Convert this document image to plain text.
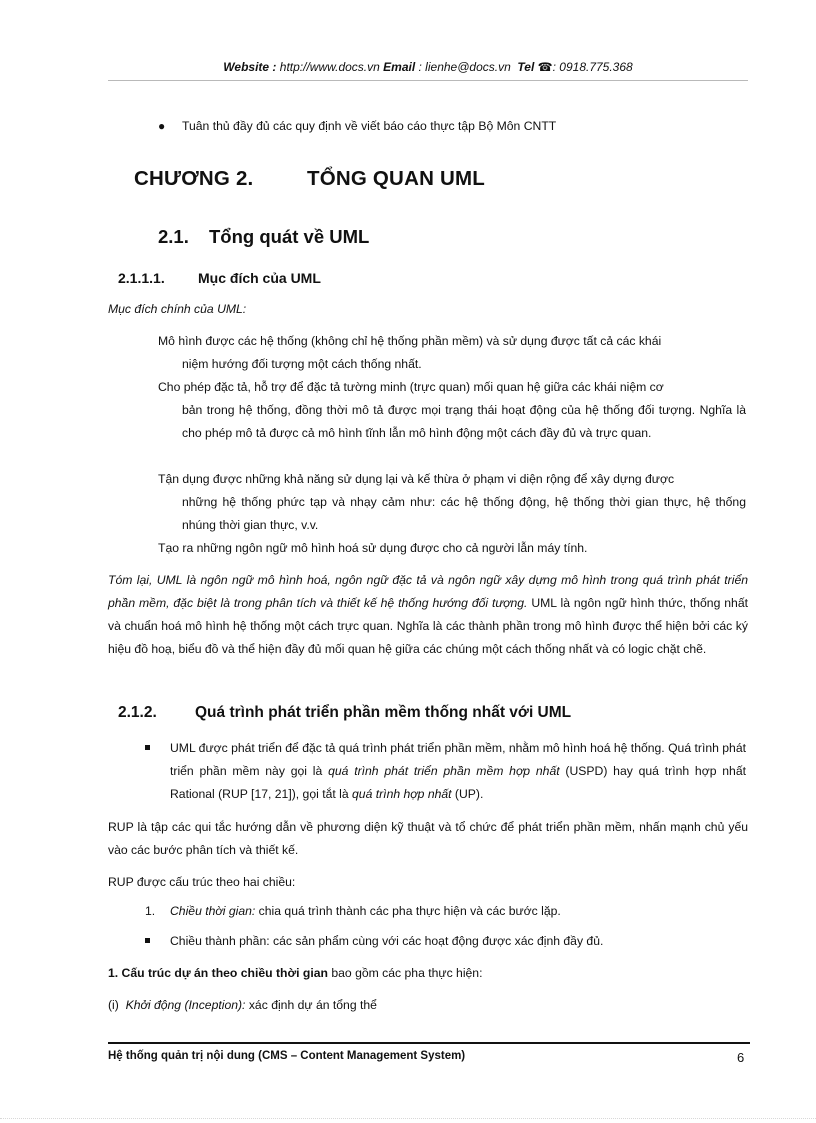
Website : http://www.docs.vn Email : lienhe@docs.vn Tel ☎: 0918.775.368
● Tuân thủ đầy đủ các quy định về viết báo cáo thực tập Bộ Môn CNTT
CHƯƠNG 2.	TỔNG QUAN UML
2.1. Tổng quát về UML
2.1.1.1. Mục đích của UML
Mục đích chính của UML:
Mô hình được các hệ thống (không chỉ hệ thống phần mềm) và sử dụng được tất cả các khái
niệm hướng đối tượng một cách thống nhất.
Cho phép đặc tả, hỗ trợ để đặc tả tường minh (trực quan) mối quan hệ giữa các khái niệm cơ
bản trong hệ thống, đồng thời mô tả được mọi trạng thái hoạt động của hệ thống đối tượng. Nghĩa là cho phép mô tả được cả mô hình tĩnh lẫn mô hình động một cách đầy đủ và trực quan.
Tận dụng được những khả năng sử dụng lại và kế thừa ở phạm vi diện rộng để xây dựng được
những hệ thống phức tạp và nhạy cảm như: các hệ thống động, hệ thống thời gian thực, hệ thống nhúng thời gian thực, v.v.
Tạo ra những ngôn ngữ mô hình hoá sử dụng được cho cả người lẫn máy tính.
Tóm lại, UML là ngôn ngữ mô hình hoá, ngôn ngữ đặc tả và ngôn ngữ xây dựng mô hình trong quá trình phát triển phần mềm, đặc biệt là trong phân tích và thiết kế hệ thống hướng đối tượng. UML là ngôn ngữ hình thức, thống nhất và chuẩn hoá mô hình hệ thống một cách trực quan. Nghĩa là các thành phần trong mô hình được thể hiện bởi các ký hiệu đồ hoạ, biểu đồ và thể hiện đầy đủ mối quan hệ giữa các chúng một cách thống nhất và có logic chặt chẽ.
2.1.2. Quá trình phát triển phần mềm thống nhất với UML
UML được phát triển để đặc tả quá trình phát triển phần mềm, nhằm mô hình hoá hệ thống. Quá trình phát triển phần mềm này gọi là quá trình phát triển phần mềm hợp nhất (USPD) hay quá trình hợp nhất Rational (RUP [17, 21]), gọi tắt là quá trình hợp nhất (UP).
RUP là tập các qui tắc hướng dẫn về phương diện kỹ thuật và tổ chức để phát triển phần mềm, nhấn mạnh chủ yếu vào các bước phân tích và thiết kế.
RUP được cấu trúc theo hai chiều:
1. Chiều thời gian: chia quá trình thành các pha thực hiện và các bước lặp.
Chiều thành phần: các sản phẩm cùng với các hoạt động được xác định đầy đủ.
1. Cấu trúc dự án theo chiều thời gian bao gồm các pha thực hiện:
(i)  Khởi động (Inception): xác định dự án tổng thể
Hệ thống quản trị nội dung (CMS – Content Management System)	6
